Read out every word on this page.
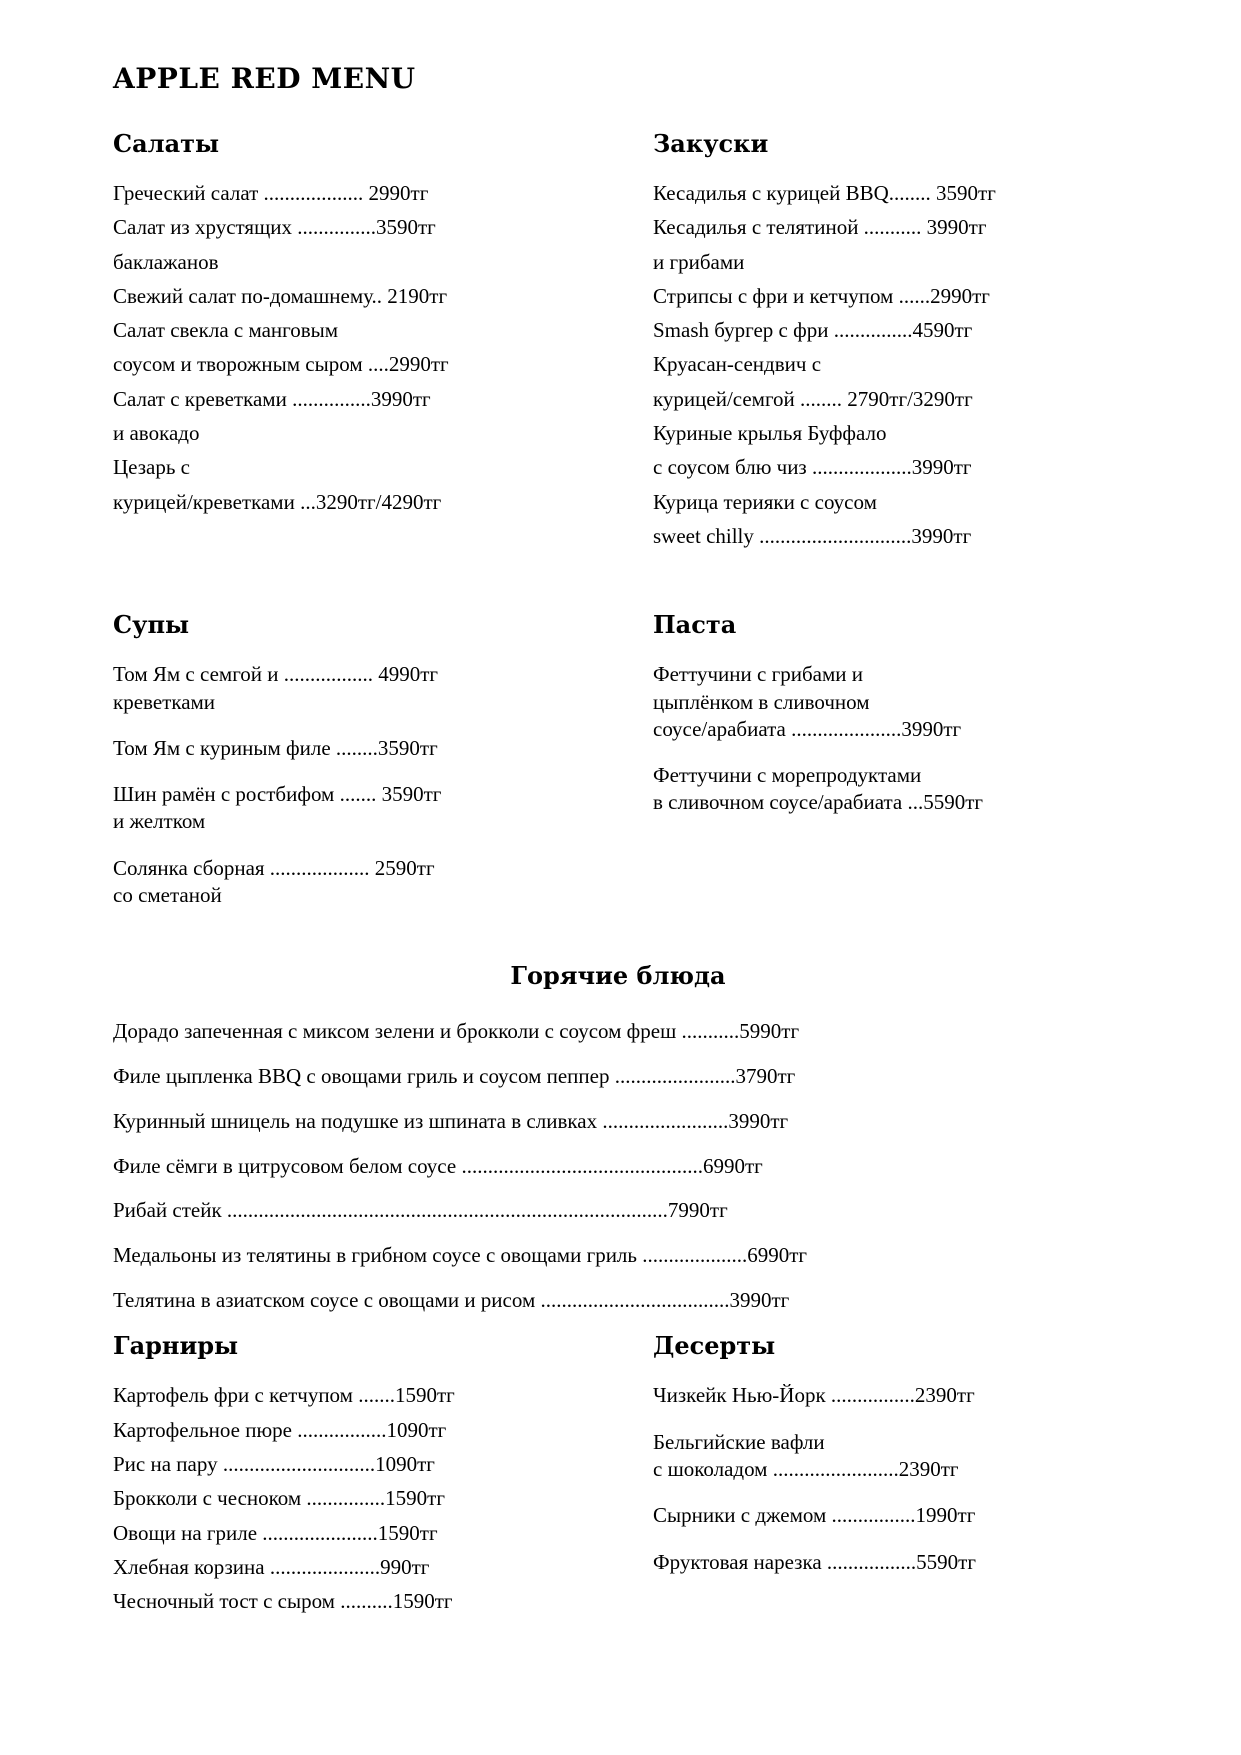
APPLE RED MENU
Салаты
Греческий салат ................... 2990тг
Салат из хрустящих ...............3590тг
баклажанов
Свежий салат по-домашнему.. 2190тг
Салат свекла с манговым
соусом и творожным сыром ....2990тг
Салат с креветками ...............3990тг
и авокадо
Цезарь с
курицей/креветками ...3290тг/4290тг
Закуски
Кесадилья с курицей BBQ........ 3590тг
Кесадилья с телятиной ........... 3990тг
и грибами
Стрипсы с фри и кетчупом ......2990тг
Smash бургер с фри ...............4590тг
Круасан-сендвич с
курицей/семгой ........ 2790тг/3290тг
Куриные крылья Буффало
с соусом блю чиз ...................3990тг
Курица терияки с соусом
sweet chilly .............................3990тг
Супы
Том Ям с семгой и ................. 4990тг
креветками
Том Ям с куриным филе ........3590тг
Шин рамён с ростбифом ....... 3590тг
и желтком
Солянка сборная ................... 2590тг
со сметаной
Паста
Феттучини с грибами и
цыплёнком в сливочном
соусе/арабиата .....................3990тг
Феттучини с морепродуктами
в сливочном соусе/арабиата ...5590тг
Горячие блюда
Дорадо запеченная с миксом зелени и брокколи с соусом фреш ...........5990тг
Филе цыпленка BBQ с овощами гриль и соусом пеппер .......................3790тг
Куринный шницель на подушке из шпината в сливках ........................3990тг
Филе сёмги в цитрусовом белом соусе ..............................................6990тг
Рибай стейк ....................................................................................7990тг
Медальоны из телятины в грибном соусе с овощами гриль ....................6990тг
Телятина в азиатском соусе с овощами и рисом ....................................3990тг
Гарниры
Картофель фри с кетчупом .......1590тг
Картофельное пюре .................1090тг
Рис на пару .............................1090тг
Брокколи с чесноком ...............1590тг
Овощи на гриле ......................1590тг
Хлебная корзина .....................990тг
Чесночный тост с сыром ..........1590тг
Десерты
Чизкейк Нью-Йорк ................2390тг
Бельгийские вафли
с шоколадом ........................2390тг
Сырники с джемом ................1990тг
Фруктовая нарезка .................5590тг
